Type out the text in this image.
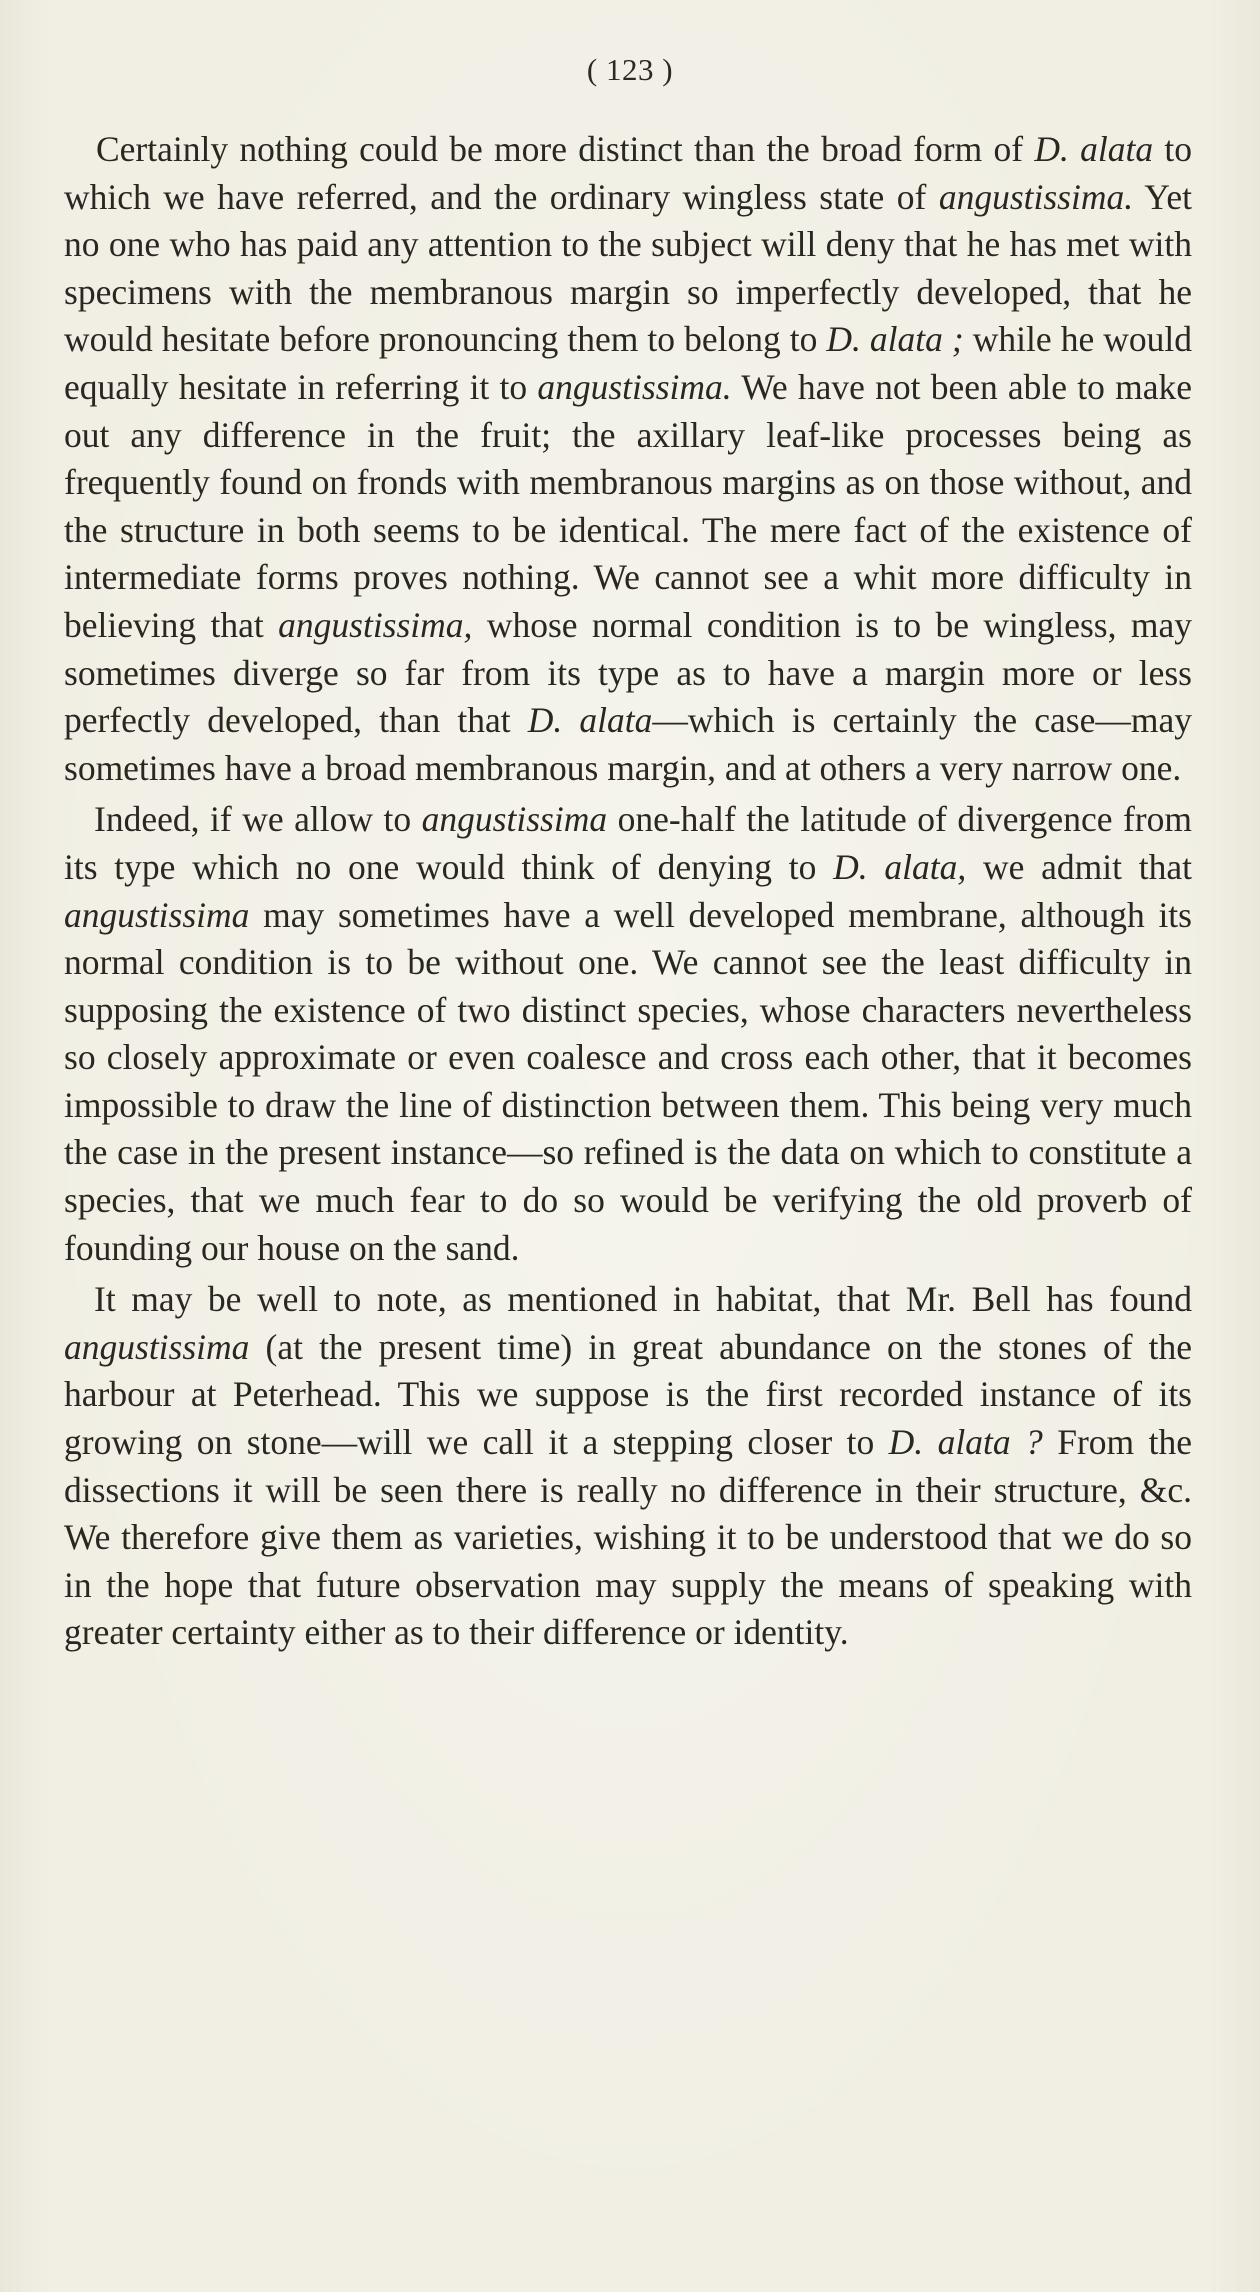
( 123 )

Certainly nothing could be more distinct than the broad form of D. alata to which we have referred, and the ordinary wingless state of angustissima. Yet no one who has paid any attention to the subject will deny that he has met with specimens with the membranous margin so imperfectly developed, that he would hesitate before pronouncing them to belong to D. alata ; while he would equally hesitate in referring it to angustissima. We have not been able to make out any difference in the fruit; the axillary leaf-like processes being as frequently found on fronds with membranous margins as on those without, and the structure in both seems to be identical. The mere fact of the existence of intermediate forms proves nothing. We cannot see a whit more difficulty in believing that angustissima, whose normal condition is to be wingless, may sometimes diverge so far from its type as to have a margin more or less perfectly developed, than that D. alata—which is certainly the case—may sometimes have a broad membranous margin, and at others a very narrow one.

Indeed, if we allow to angustissima one-half the latitude of divergence from its type which no one would think of denying to D. alata, we admit that angustissima may sometimes have a well developed membrane, although its normal condition is to be without one. We cannot see the least difficulty in supposing the existence of two distinct species, whose characters nevertheless so closely approximate or even coalesce and cross each other, that it becomes impossible to draw the line of distinction between them. This being very much the case in the present instance—so refined is the data on which to constitute a species, that we much fear to do so would be verifying the old proverb of founding our house on the sand.

It may be well to note, as mentioned in habitat, that Mr. Bell has found angustissima (at the present time) in great abundance on the stones of the harbour at Peterhead. This we suppose is the first recorded instance of its growing on stone—will we call it a stepping closer to D. alata ? From the dissections it will be seen there is really no difference in their structure, &c. We therefore give them as varieties, wishing it to be understood that we do so in the hope that future observation may supply the means of speaking with greater certainty either as to their difference or identity.
